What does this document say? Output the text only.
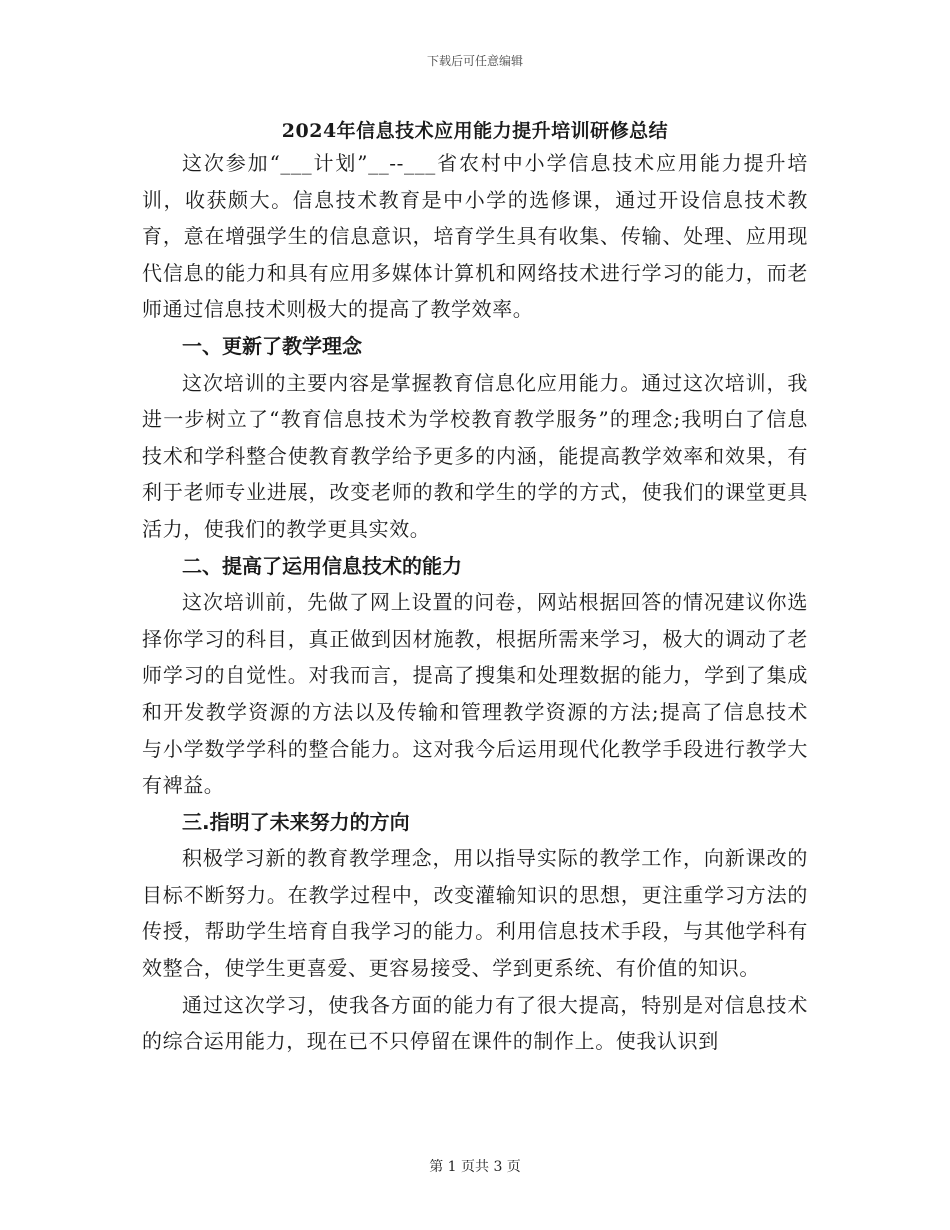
下载后可任意编辑
2024年信息技术应用能力提升培训研修总结

这次参加“___计划”__--___省农村中小学信息技术应用能力提升培训，收获颇大。信息技术教育是中小学的选修课，通过开设信息技术教育，意在增强学生的信息意识，培育学生具有收集、传输、处理、应用现代信息的能力和具有应用多媒体计算机和网络技术进行学习的能力，而老师通过信息技术则极大的提高了教学效率。

一、更新了教学理念

这次培训的主要内容是掌握教育信息化应用能力。通过这次培训，我进一步树立了“教育信息技术为学校教育教学服务”的理念;我明白了信息技术和学科整合使教育教学给予更多的内涵，能提高教学效率和效果，有利于老师专业进展，改变老师的教和学生的学的方式，使我们的课堂更具活力，使我们的教学更具实效。

二、提高了运用信息技术的能力

这次培训前，先做了网上设置的问卷，网站根据回答的情况建议你选择你学习的科目，真正做到因材施教，根据所需来学习，极大的调动了老师学习的自觉性。对我而言，提高了搜集和处理数据的能力，学到了集成和开发教学资源的方法以及传输和管理教学资源的方法;提高了信息技术与小学数学学科的整合能力。这对我今后运用现代化教学手段进行教学大有裨益。

三.指明了未来努力的方向

积极学习新的教育教学理念，用以指导实际的教学工作，向新课改的目标不断努力。在教学过程中，改变灌输知识的思想，更注重学习方法的传授，帮助学生培育自我学习的能力。利用信息技术手段，与其他学科有效整合，使学生更喜爱、更容易接受、学到更系统、有价值的知识。

通过这次学习，使我各方面的能力有了很大提高，特别是对信息技术的综合运用能力，现在已不只停留在课件的制作上。使我认识到

第 1 页共 3 页
